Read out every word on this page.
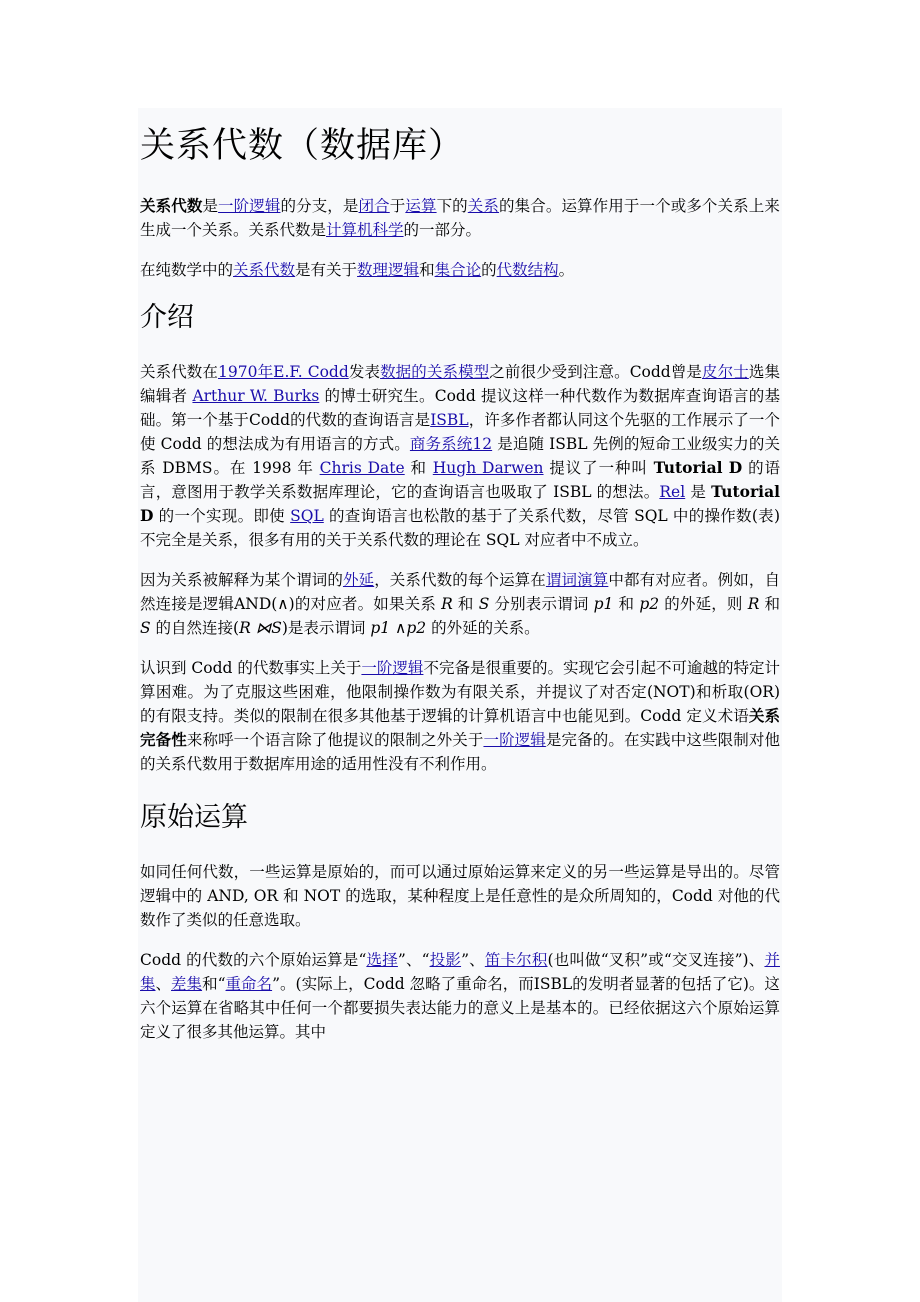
关系代数（数据库）

关系代数是一阶逻辑的分支，是闭合于运算下的关系的集合。运算作用于一个或多个关系上来生成一个关系。关系代数是计算机科学的一部分。

在纯数学中的关系代数是有关于数理逻辑和集合论的代数结构。

介绍

关系代数在1970年E.F. Codd发表数据的关系模型之前很少受到注意。Codd曾是皮尔士选集编辑者 Arthur W. Burks 的博士研究生。Codd 提议这样一种代数作为数据库查询语言的基础。第一个基于Codd的代数的查询语言是ISBL，许多作者都认同这个先驱的工作展示了一个使 Codd 的想法成为有用语言的方式。商务系统12 是追随 ISBL 先例的短命工业级实力的关系 DBMS。在 1998 年 Chris Date 和 Hugh Darwen 提议了一种叫 Tutorial D 的语言，意图用于教学关系数据库理论，它的查询语言也吸取了 ISBL 的想法。Rel 是 Tutorial D 的一个实现。即使 SQL 的查询语言也松散的基于了关系代数，尽管 SQL 中的操作数(表)不完全是关系，很多有用的关于关系代数的理论在 SQL 对应者中不成立。

因为关系被解释为某个谓词的外延，关系代数的每个运算在谓词演算中都有对应者。例如，自然连接是逻辑AND(∧)的对应者。如果关系 R 和 S 分别表示谓词 p1 和 p2 的外延，则 R 和 S 的自然连接(R ⋈S)是表示谓词 p1 ∧p2 的外延的关系。

认识到 Codd 的代数事实上关于一阶逻辑不完备是很重要的。实现它会引起不可逾越的特定计算困难。为了克服这些困难，他限制操作数为有限关系，并提议了对否定(NOT)和析取(OR)的有限支持。类似的限制在很多其他基于逻辑的计算机语言中也能见到。Codd 定义术语关系完备性来称呼一个语言除了他提议的限制之外关于一阶逻辑是完备的。在实践中这些限制对他的关系代数用于数据库用途的适用性没有不利作用。

原始运算

如同任何代数，一些运算是原始的，而可以通过原始运算来定义的另一些运算是导出的。尽管逻辑中的 AND, OR 和 NOT 的选取，某种程度上是任意性的是众所周知的，Codd 对他的代数作了类似的任意选取。

Codd 的代数的六个原始运算是“选择”、“投影”、笛卡尔积(也叫做“叉积”或“交叉连接”)、并集、差集和“重命名”。(实际上，Codd 忽略了重命名，而ISBL的发明者显著的包括了它)。这六个运算在省略其中任何一个都要损失表达能力的意义上是基本的。已经依据这六个原始运算定义了很多其他运算。其中
